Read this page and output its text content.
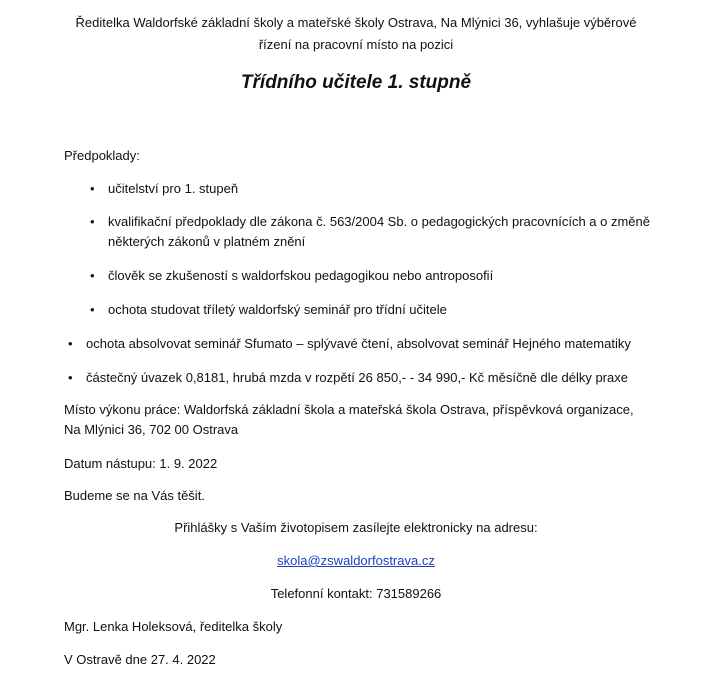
Ředitelka Waldorfské základní školy a mateřské školy Ostrava, Na Mlýnici 36, vyhlašuje výběrové
řízení na pracovní místo na pozici
Třídního učitele 1. stupně
Předpoklady:
• učitelství pro 1. stupeň
• kvalifikační předpoklady dle zákona č. 563/2004 Sb. o pedagogických pracovnících a o změně
některých zákonů v platném znění
• člověk se zkušeností s waldorfskou pedagogikou nebo antroposofií
• ochota studovat tříletý waldorfský seminář pro třídní učitele
• ochota absolvovat seminář Sfumato – splývavé čtení, absolvovat seminář Hejného matematiky
• částečný úvazek 0,8181, hrubá mzda v rozpětí 26 850,- - 34 990,- Kč měsíčně dle délky praxe
Místo výkonu práce: Waldorfská základní škola a mateřská škola Ostrava, příspěvková organizace,
Na Mlýnici 36, 702 00 Ostrava
Datum nástupu: 1. 9. 2022
Budeme se na Vás těšit.
Přihlášky s Vaším životopisem zasílejte elektronicky na adresu:
skola@zswaldorfostrava.cz
Telefonní kontakt: 731589266
Mgr. Lenka Holeksová, ředitelka školy
V Ostravě dne 27. 4. 2022
